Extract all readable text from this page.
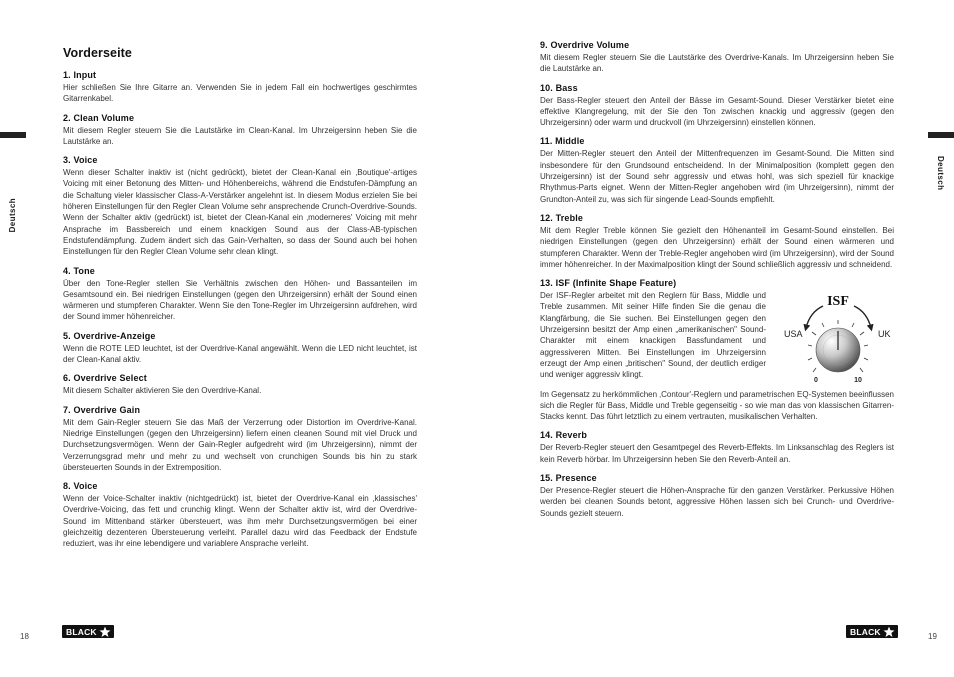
Deutsch
Deutsch
Vorderseite
1. Input

Hier schließen Sie Ihre Gitarre an. Verwenden Sie in jedem Fall ein hochwertiges geschirmtes Gitarrenkabel.

2. Clean Volume

Mit diesem Regler steuern Sie die Lautstärke im Clean-Kanal. Im Uhrzeigersinn heben Sie die Lautstärke an.

3. Voice

Wenn dieser Schalter inaktiv ist (nicht gedrückt), bietet der Clean-Kanal ein ‚Boutique'-artiges Voicing mit einer Betonung des Mitten- und Höhenbereichs, während die Endstufen-Dämpfung an die Schaltung vieler klassischer Class-A-Verstärker angelehnt ist. In diesem Modus erzielen Sie bei höheren Einstellungen für den Regler Clean Volume sehr ansprechende Crunch-Overdrive-Sounds. Wenn der Schalter aktiv (gedrückt) ist, bietet der Clean-Kanal ein ‚moderneres' Voicing mit mehr Ansprache im Bassbereich und einem knackigen Sound aus der Class-AB-typischen Endstufendämpfung. Zudem ändert sich das Gain-Verhalten, so dass der Sound auch bei hohen Einstellungen für den Regler Clean Volume sehr clean klingt.

4. Tone

Über den Tone-Regler stellen Sie Verhältnis zwischen den Höhen- und Bassanteilen im Gesamtsound ein. Bei niedrigen Einstellungen (gegen den Uhrzeigersinn) erhält der Sound einen wärmeren und stumpferen Charakter. Wenn Sie den Tone-Regler im Uhrzeigersinn aufdrehen, wird der Sound immer höhenreicher.

5. Overdrive-Anzeige

Wenn die ROTE LED leuchtet, ist der Overdrive-Kanal angewählt. Wenn die LED nicht leuchtet, ist der Clean-Kanal aktiv.

6. Overdrive Select

Mit diesem Schalter aktivieren Sie den Overdrive-Kanal.

7. Overdrive Gain

Mit dem Gain-Regler steuern Sie das Maß der Verzerrung oder Distortion im Overdrive-Kanal. Niedrige Einstellungen (gegen den Uhrzeigersinn) liefern einen cleanen Sound mit viel Druck und Durchsetzungsvermögen. Wenn der Gain-Regler aufgedreht wird (im Uhrzeigersinn), nimmt der Verzerrungsgrad mehr und mehr zu und wechselt von crunchigen Sounds bis hin zu stark übersteuerten Sounds in der Extremposition.

8. Voice

Wenn der Voice-Schalter inaktiv (nichtgedrückt) ist, bietet der Overdrive-Kanal ein ‚klassisches' Overdrive-Voicing, das fett und crunchig klingt. Wenn der Schalter aktiv ist, wird der Overdrive-Sound im Mittenband stärker übersteuert, was ihm mehr Durchsetzungsvermögen bei einer gleichzeitig dezenteren Übersteuerung verleiht. Parallel dazu wird das Feedback der Endstufe reduziert, was ihr eine lebendigere und variablere Ansprache verleiht.

9. Overdrive Volume

Mit diesem Regler steuern Sie die Lautstärke des Overdrive-Kanals. Im Uhrzeigersinn heben Sie die Lautstärke an.

10. Bass

Der Bass-Regler steuert den Anteil der Bässe im Gesamt-Sound. Dieser Verstärker bietet eine effektive Klangregelung, mit der Sie den Ton zwischen knackig und aggressiv (gegen den Uhrzeigersinn) oder warm und druckvoll (im Uhrzeigersinn) einstellen können.

11. Middle

Der Mitten-Regler steuert den Anteil der Mittenfrequenzen im Gesamt-Sound. Die Mitten sind insbesondere für den Grundsound entscheidend. In der Minimalposition (komplett gegen den Uhrzeigersinn) ist der Sound sehr aggressiv und etwas hohl, was sich speziell für knackige Rhythmus-Parts eignet. Wenn der Mitten-Regler angehoben wird (im Uhrzeigersinn), nimmt der Grundton-Anteil zu, was sich für singende Lead-Sounds empfiehlt.

12. Treble

Mit dem Regler Treble können Sie gezielt den Höhenanteil im Gesamt-Sound einstellen. Bei niedrigen Einstellungen (gegen den Uhrzeigersinn) erhält der Sound einen wärmeren und stumpferen Charakter. Wenn der Treble-Regler angehoben wird (im Uhrzeigersinn), wird der Sound immer höhenreicher. In der Maximalposition klingt der Sound schließlich aggressiv und schneidend.

13. ISF (Infinite Shape Feature)

Der ISF-Regler arbeitet mit den Reglern für Bass, Middle und Treble zusammen. Mit seiner Hilfe finden Sie die genau die Klangfärbung, die Sie suchen. Bei Einstellungen gegen den Uhrzeigersinn besitzt der Amp einen „amerikanischen" Sound-Charakter mit einem knackigen Bassfundament und aggressiveren Mitten. Bei Einstellungen im Uhrzeigersinn erzeugt der Amp einen „britischen" Sound, der deutlich erdiger und weniger aggressiv klingt.

ISF
USA	UK
0	10

Im Gegensatz zu herkömmlichen ‚Contour'-Reglern und parametrischen EQ-Systemen beeinflussen sich die Regler für Bass, Middle und Treble gegenseitig - so wie man das von klassischen Gitarren-Stacks kennt. Das führt letztlich zu einem vertrauten, musikalischen Verhalten.

14. Reverb

Der Reverb-Regler steuert den Gesamtpegel des Reverb-Effekts. Im Linksanschlag des Reglers ist kein Reverb hörbar. Im Uhrzeigersinn heben Sie den Reverb-Anteil an.

15. Presence

Der Presence-Regler steuert die Höhen-Ansprache für den ganzen Verstärker. Perkussive Höhen werden bei cleanen Sounds betont, aggressive Höhen lassen sich bei Crunch- und Overdrive-Sounds gezielt steuern.

18	BLACK	BLACK	19
